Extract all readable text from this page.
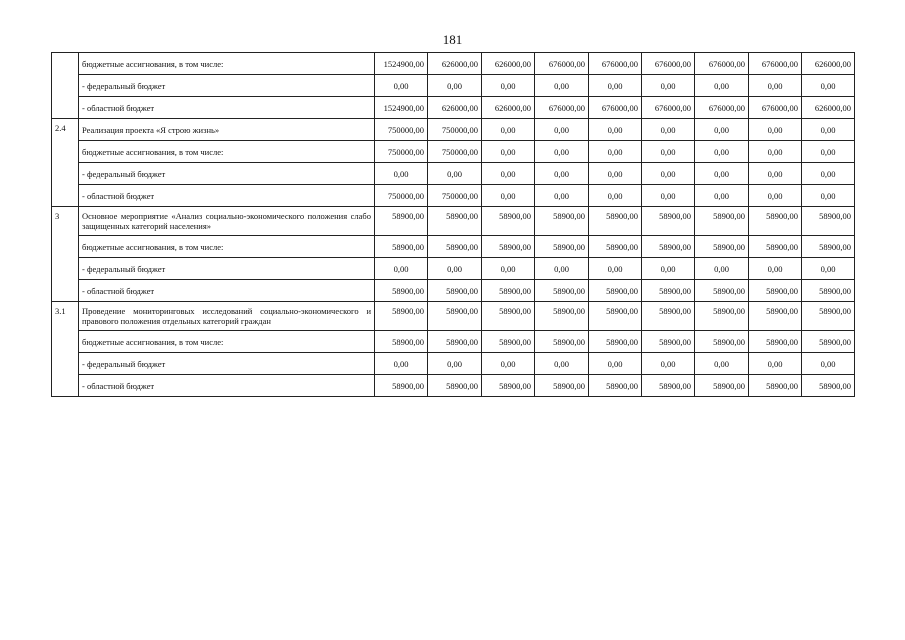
181
	бюджетные ассигнования, в том числе:	1524900,00	626000,00	626000,00	676000,00	676000,00	676000,00	676000,00	676000,00	626000,00
	- федеральный бюджет	0,00	0,00	0,00	0,00	0,00	0,00	0,00	0,00	0,00
	- областной бюджет	1524900,00	626000,00	626000,00	676000,00	676000,00	676000,00	676000,00	676000,00	626000,00
2.4	Реализация проекта «Я строю жизнь»	750000,00	750000,00	0,00	0,00	0,00	0,00	0,00	0,00	0,00
	бюджетные ассигнования, в том числе:	750000,00	750000,00	0,00	0,00	0,00	0,00	0,00	0,00	0,00
	- федеральный бюджет	0,00	0,00	0,00	0,00	0,00	0,00	0,00	0,00	0,00
	- областной бюджет	750000,00	750000,00	0,00	0,00	0,00	0,00	0,00	0,00	0,00
3	Основное мероприятие «Анализ социально-экономического положения слабо защищенных категорий населения»	58900,00	58900,00	58900,00	58900,00	58900,00	58900,00	58900,00	58900,00	58900,00
	бюджетные ассигнования, в том числе:	58900,00	58900,00	58900,00	58900,00	58900,00	58900,00	58900,00	58900,00	58900,00
	- федеральный бюджет	0,00	0,00	0,00	0,00	0,00	0,00	0,00	0,00	0,00
	- областной бюджет	58900,00	58900,00	58900,00	58900,00	58900,00	58900,00	58900,00	58900,00	58900,00
3.1	Проведение мониторинговых исследований социально-экономического и правового положения отдельных категорий граждан	58900,00	58900,00	58900,00	58900,00	58900,00	58900,00	58900,00	58900,00	58900,00
	бюджетные ассигнования, в том числе:	58900,00	58900,00	58900,00	58900,00	58900,00	58900,00	58900,00	58900,00	58900,00
	- федеральный бюджет	0,00	0,00	0,00	0,00	0,00	0,00	0,00	0,00	0,00
	- областной бюджет	58900,00	58900,00	58900,00	58900,00	58900,00	58900,00	58900,00	58900,00	58900,00
